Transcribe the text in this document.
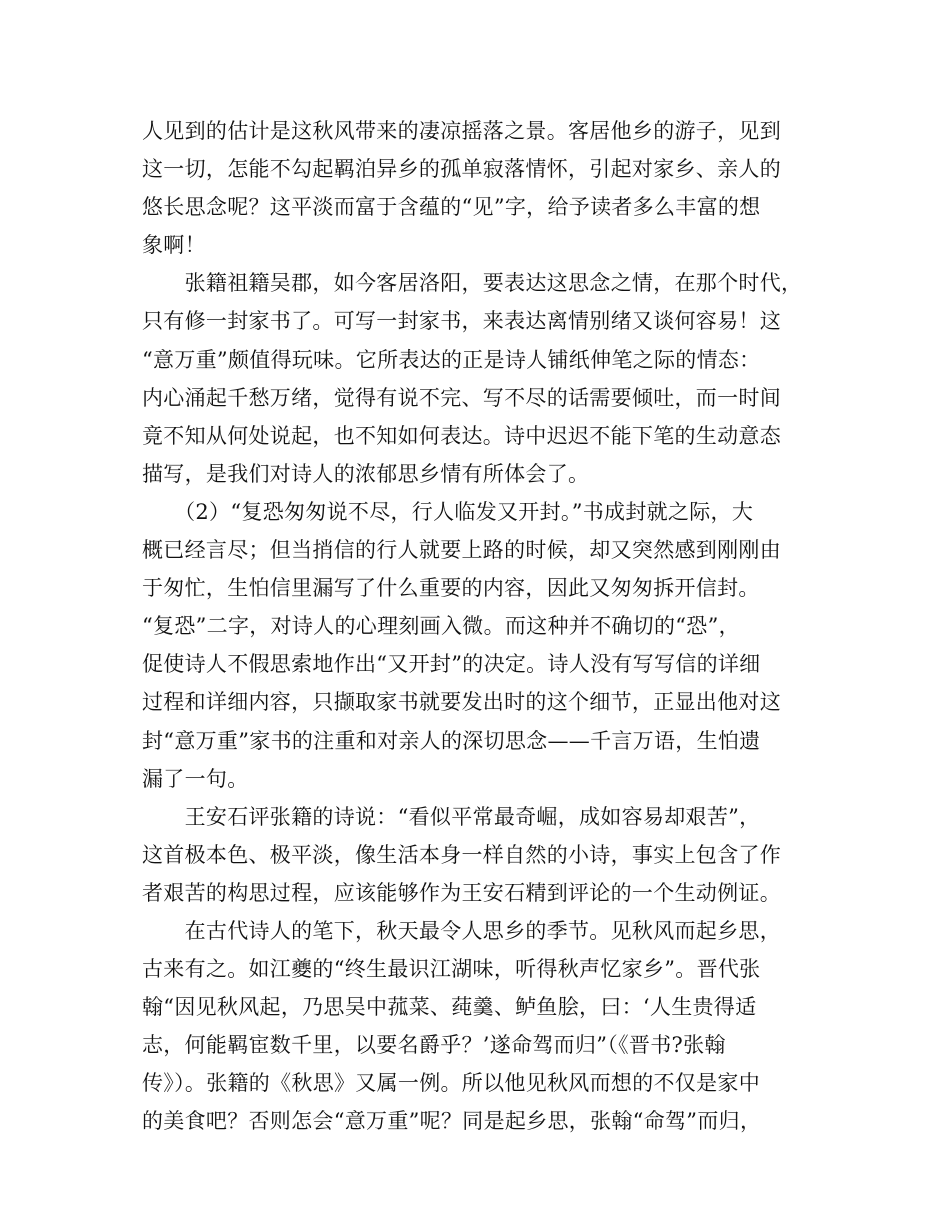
人见到的估计是这秋风带来的凄凉摇落之景。客居他乡的游子，见到
这一切，怎能不勾起羁泊异乡的孤单寂落情怀，引起对家乡、亲人的
悠长思念呢？这平淡而富于含蕴的“见”字，给予读者多么丰富的想
象啊！
　　张籍祖籍吴郡，如今客居洛阳，要表达这思念之情，在那个时代，
只有修一封家书了。可写一封家书，来表达离情别绪又谈何容易！这
“意万重”颇值得玩味。它所表达的正是诗人铺纸伸笔之际的情态：
内心涌起千愁万绪，觉得有说不完、写不尽的话需要倾吐，而一时间
竟不知从何处说起，也不知如何表达。诗中迟迟不能下笔的生动意态
描写，是我们对诗人的浓郁思乡情有所体会了。
　　（2）“复恐匆匆说不尽，行人临发又开封。”书成封就之际，大
概已经言尽；但当捎信的行人就要上路的时候，却又突然感到刚刚由
于匆忙，生怕信里漏写了什么重要的内容，因此又匆匆拆开信封。
“复恐”二字，对诗人的心理刻画入微。而这种并不确切的“恐”，
促使诗人不假思索地作出“又开封”的决定。诗人没有写写信的详细
过程和详细内容，只撷取家书就要发出时的这个细节，正显出他对这
封“意万重”家书的注重和对亲人的深切思念——千言万语，生怕遗
漏了一句。
　　王安石评张籍的诗说：“看似平常最奇崛，成如容易却艰苦”，
这首极本色、极平淡，像生活本身一样自然的小诗，事实上包含了作
者艰苦的构思过程，应该能够作为王安石精到评论的一个生动例证。
　　在古代诗人的笔下，秋天最令人思乡的季节。见秋风而起乡思，
古来有之。如江夔的“终生最识江湖味，听得秋声忆家乡”。晋代张
翰“因见秋风起，乃思吴中菰菜、莼羹、鲈鱼脍，曰：‘人生贵得适
志，何能羁宦数千里，以要名爵乎？’遂命驾而归”（《晋书?张翰
传》）。张籍的《秋思》又属一例。所以他见秋风而想的不仅是家中
的美食吧？否则怎会“意万重”呢？同是起乡思，张翰“命驾”而归，
